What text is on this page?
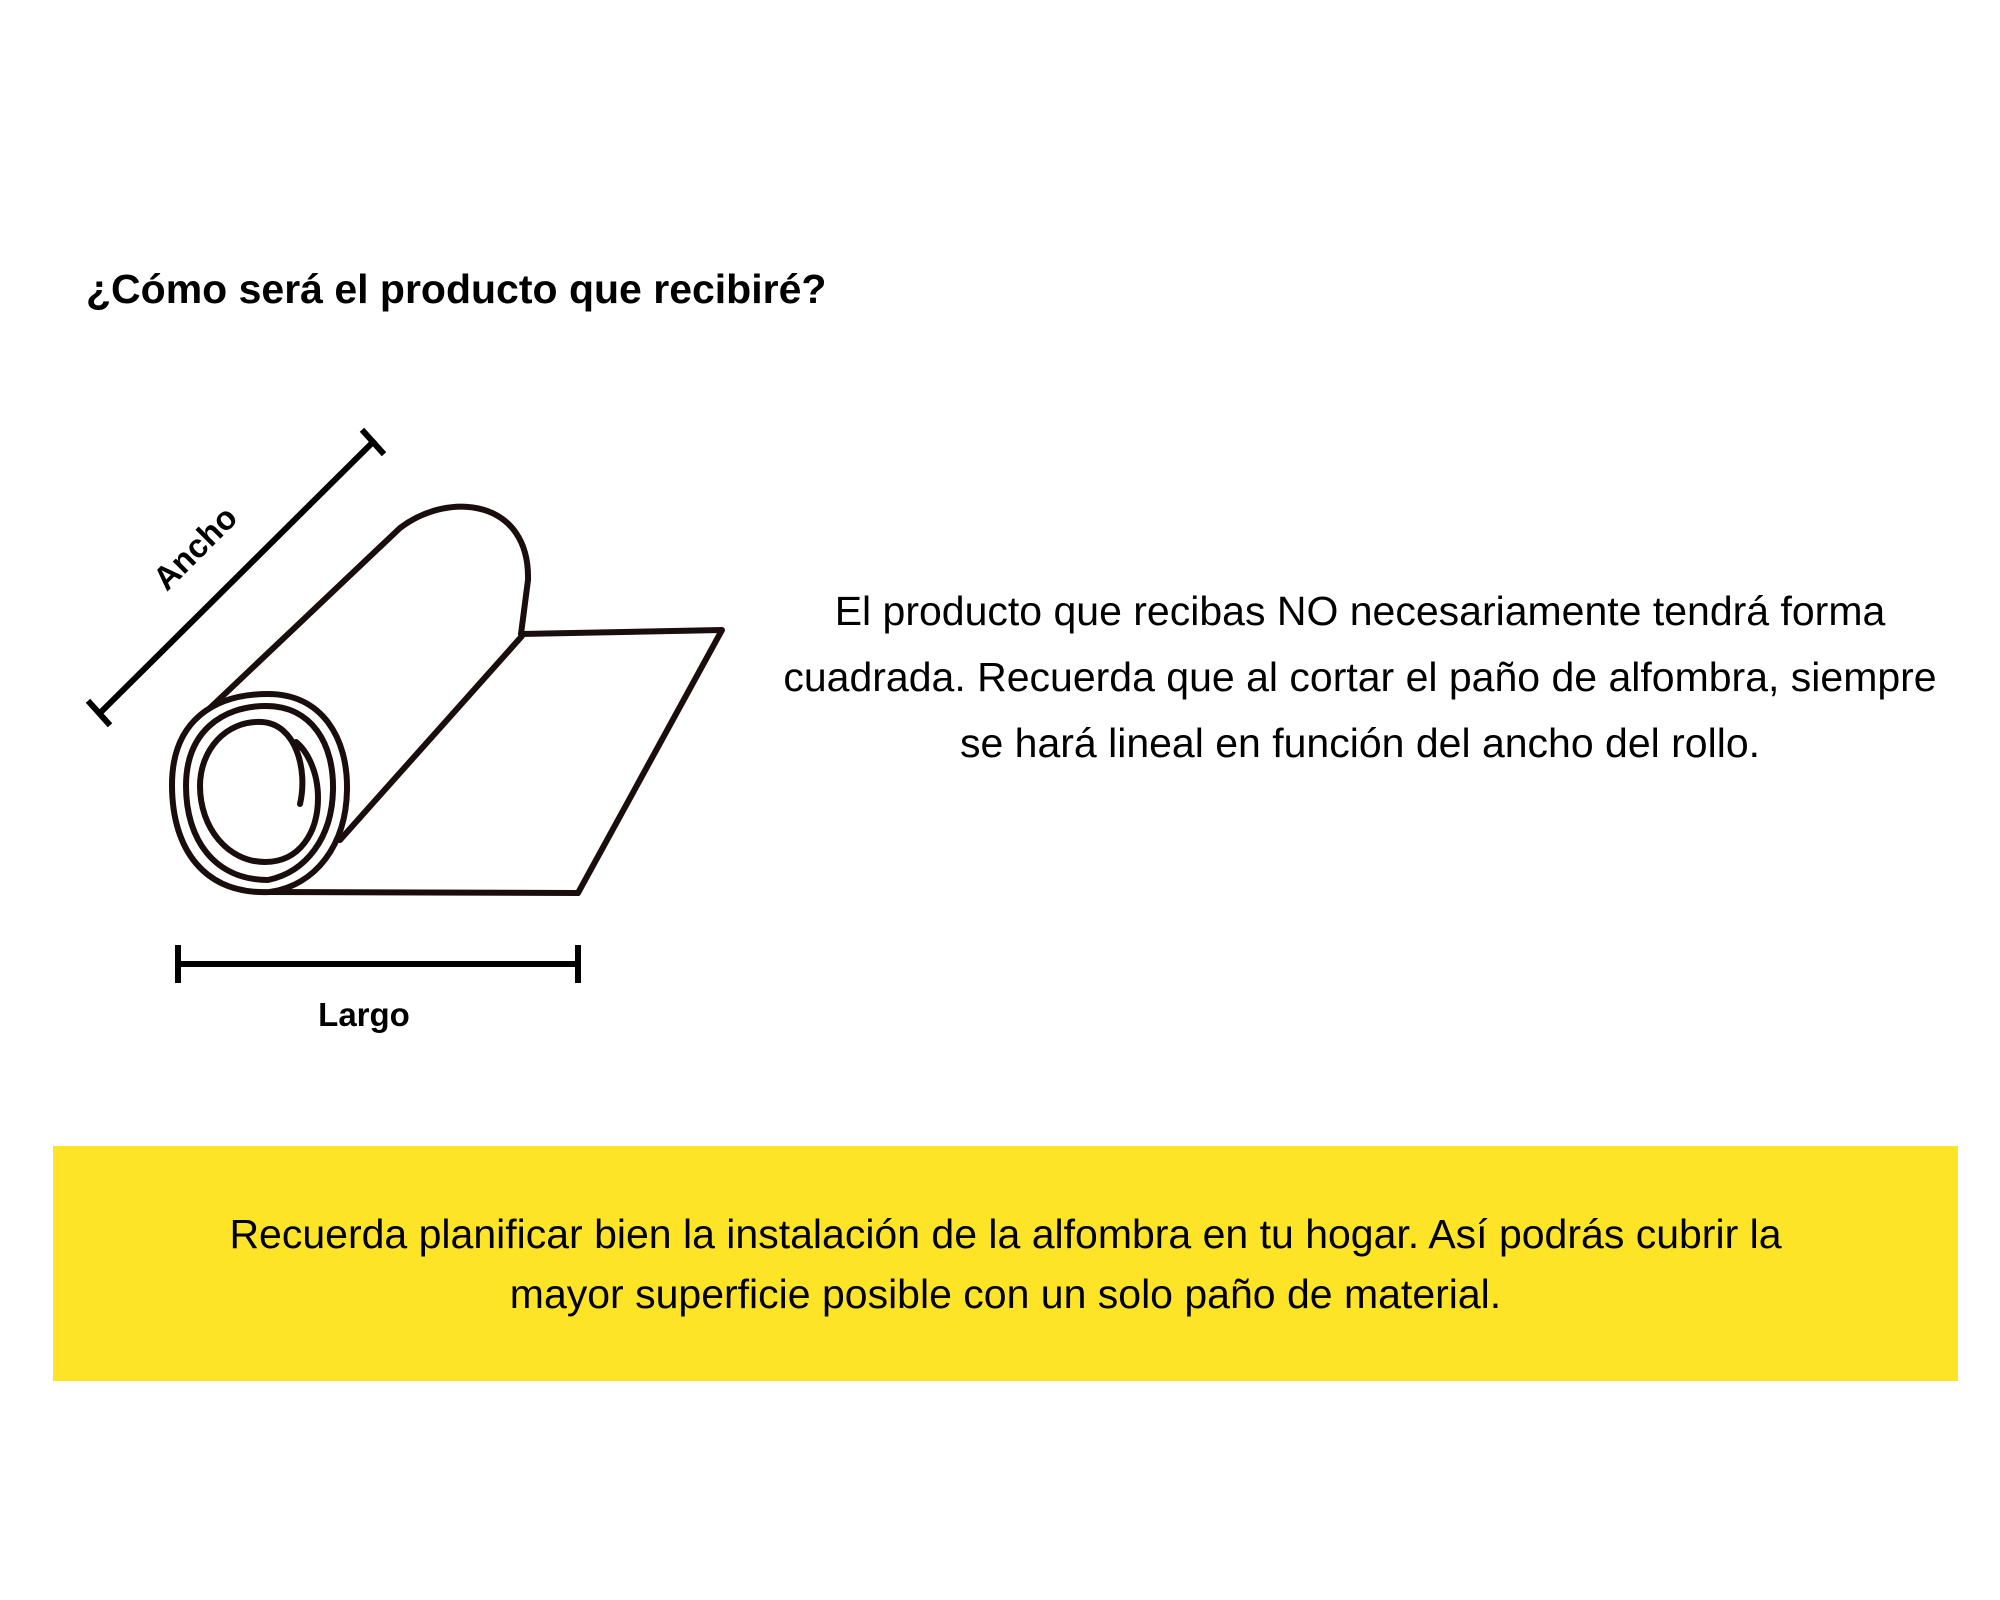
¿Cómo será el producto que recibiré?
Ancho
Largo

El producto que recibas NO necesariamente tendrá forma cuadrada. Recuerda que al cortar el paño de alfombra, siempre se hará lineal en función del ancho del rollo.

Recuerda planificar bien la instalación de la alfombra en tu hogar. Así podrás cubrir la mayor superficie posible con un solo paño de material.
